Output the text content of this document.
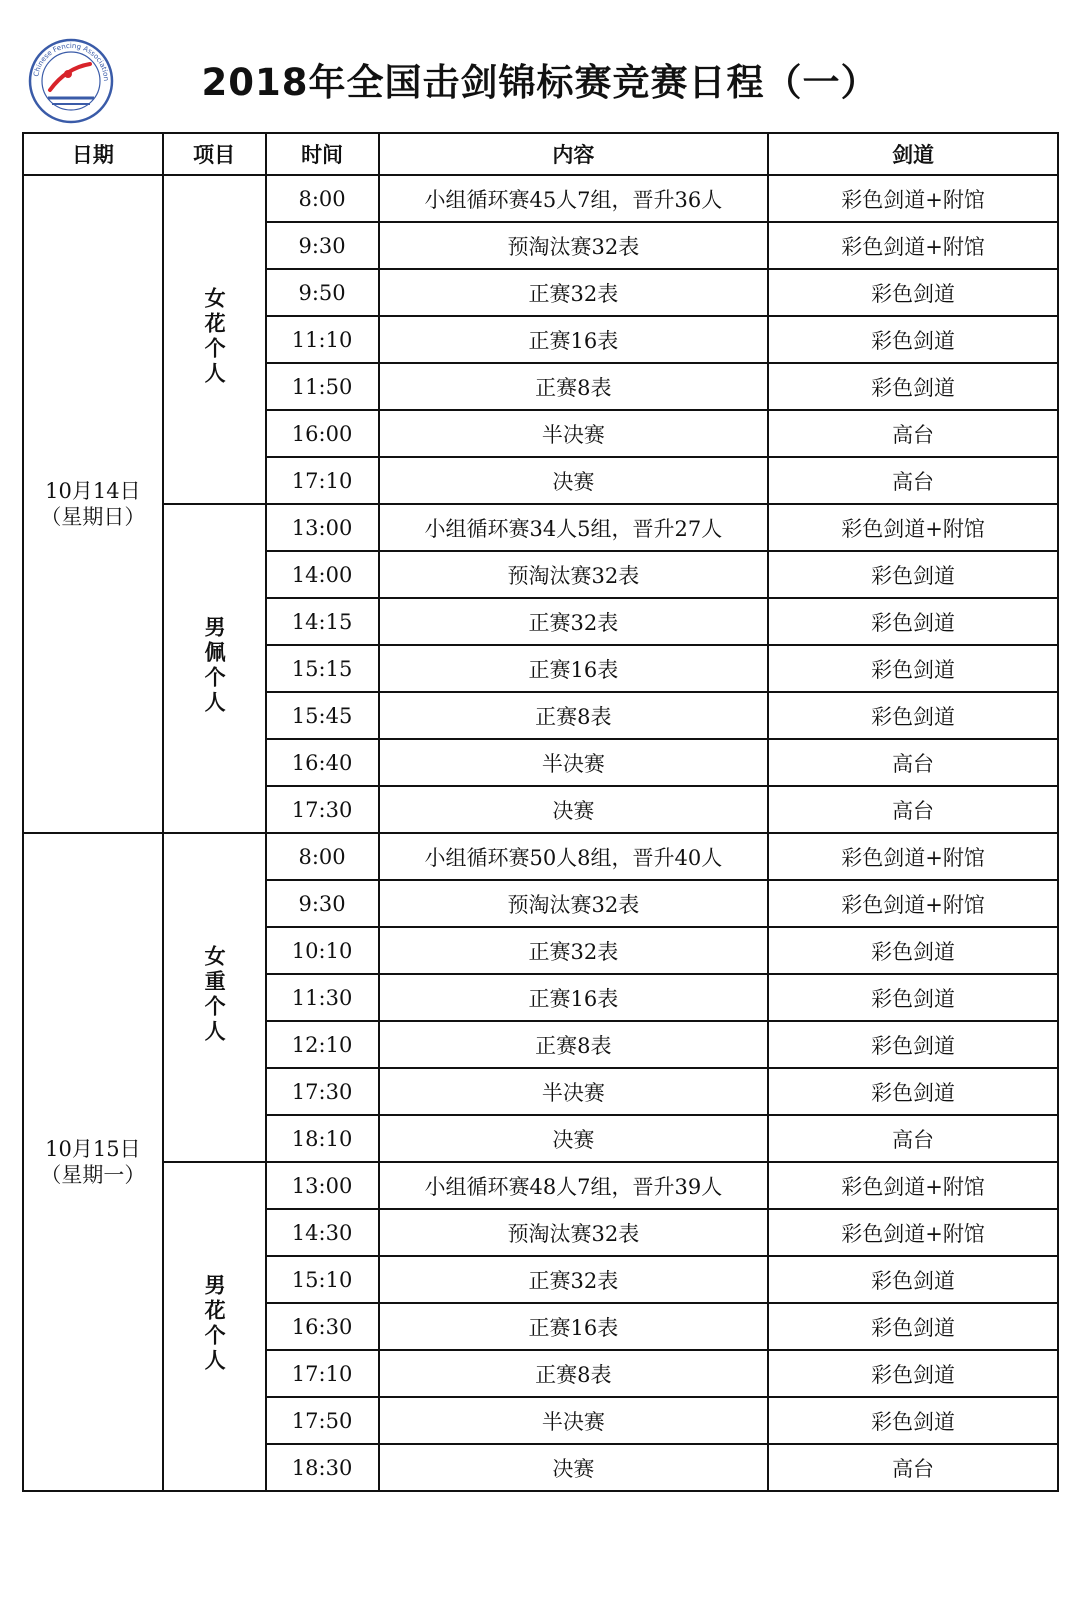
Chinese Fencing Association	2018年全国击剑锦标赛竞赛日程（一）
日期	项目	时间	内容	剑道

10月14日
（星期日）	女花个人	8:00	小组循环赛45人7组，晋升36人	彩色剑道+附馆
		9:30	预淘汰赛32表	彩色剑道+附馆
		9:50	正赛32表	彩色剑道
		11:10	正赛16表	彩色剑道
		11:50	正赛8表	彩色剑道
		16:00	半决赛	高台
		17:10	决赛	高台
	男佩个人	13:00	小组循环赛34人5组，晋升27人	彩色剑道+附馆
		14:00	预淘汰赛32表	彩色剑道
		14:15	正赛32表	彩色剑道
		15:15	正赛16表	彩色剑道
		15:45	正赛8表	彩色剑道
		16:40	半决赛	高台
		17:30	决赛	高台

10月15日
（星期一）	女重个人	8:00	小组循环赛50人8组，晋升40人	彩色剑道+附馆
		9:30	预淘汰赛32表	彩色剑道+附馆
		10:10	正赛32表	彩色剑道
		11:30	正赛16表	彩色剑道
		12:10	正赛8表	彩色剑道
		17:30	半决赛	彩色剑道
		18:10	决赛	高台
	男花个人	13:00	小组循环赛48人7组，晋升39人	彩色剑道+附馆
		14:30	预淘汰赛32表	彩色剑道+附馆
		15:10	正赛32表	彩色剑道
		16:30	正赛16表	彩色剑道
		17:10	正赛8表	彩色剑道
		17:50	半决赛	彩色剑道
		18:30	决赛	高台
